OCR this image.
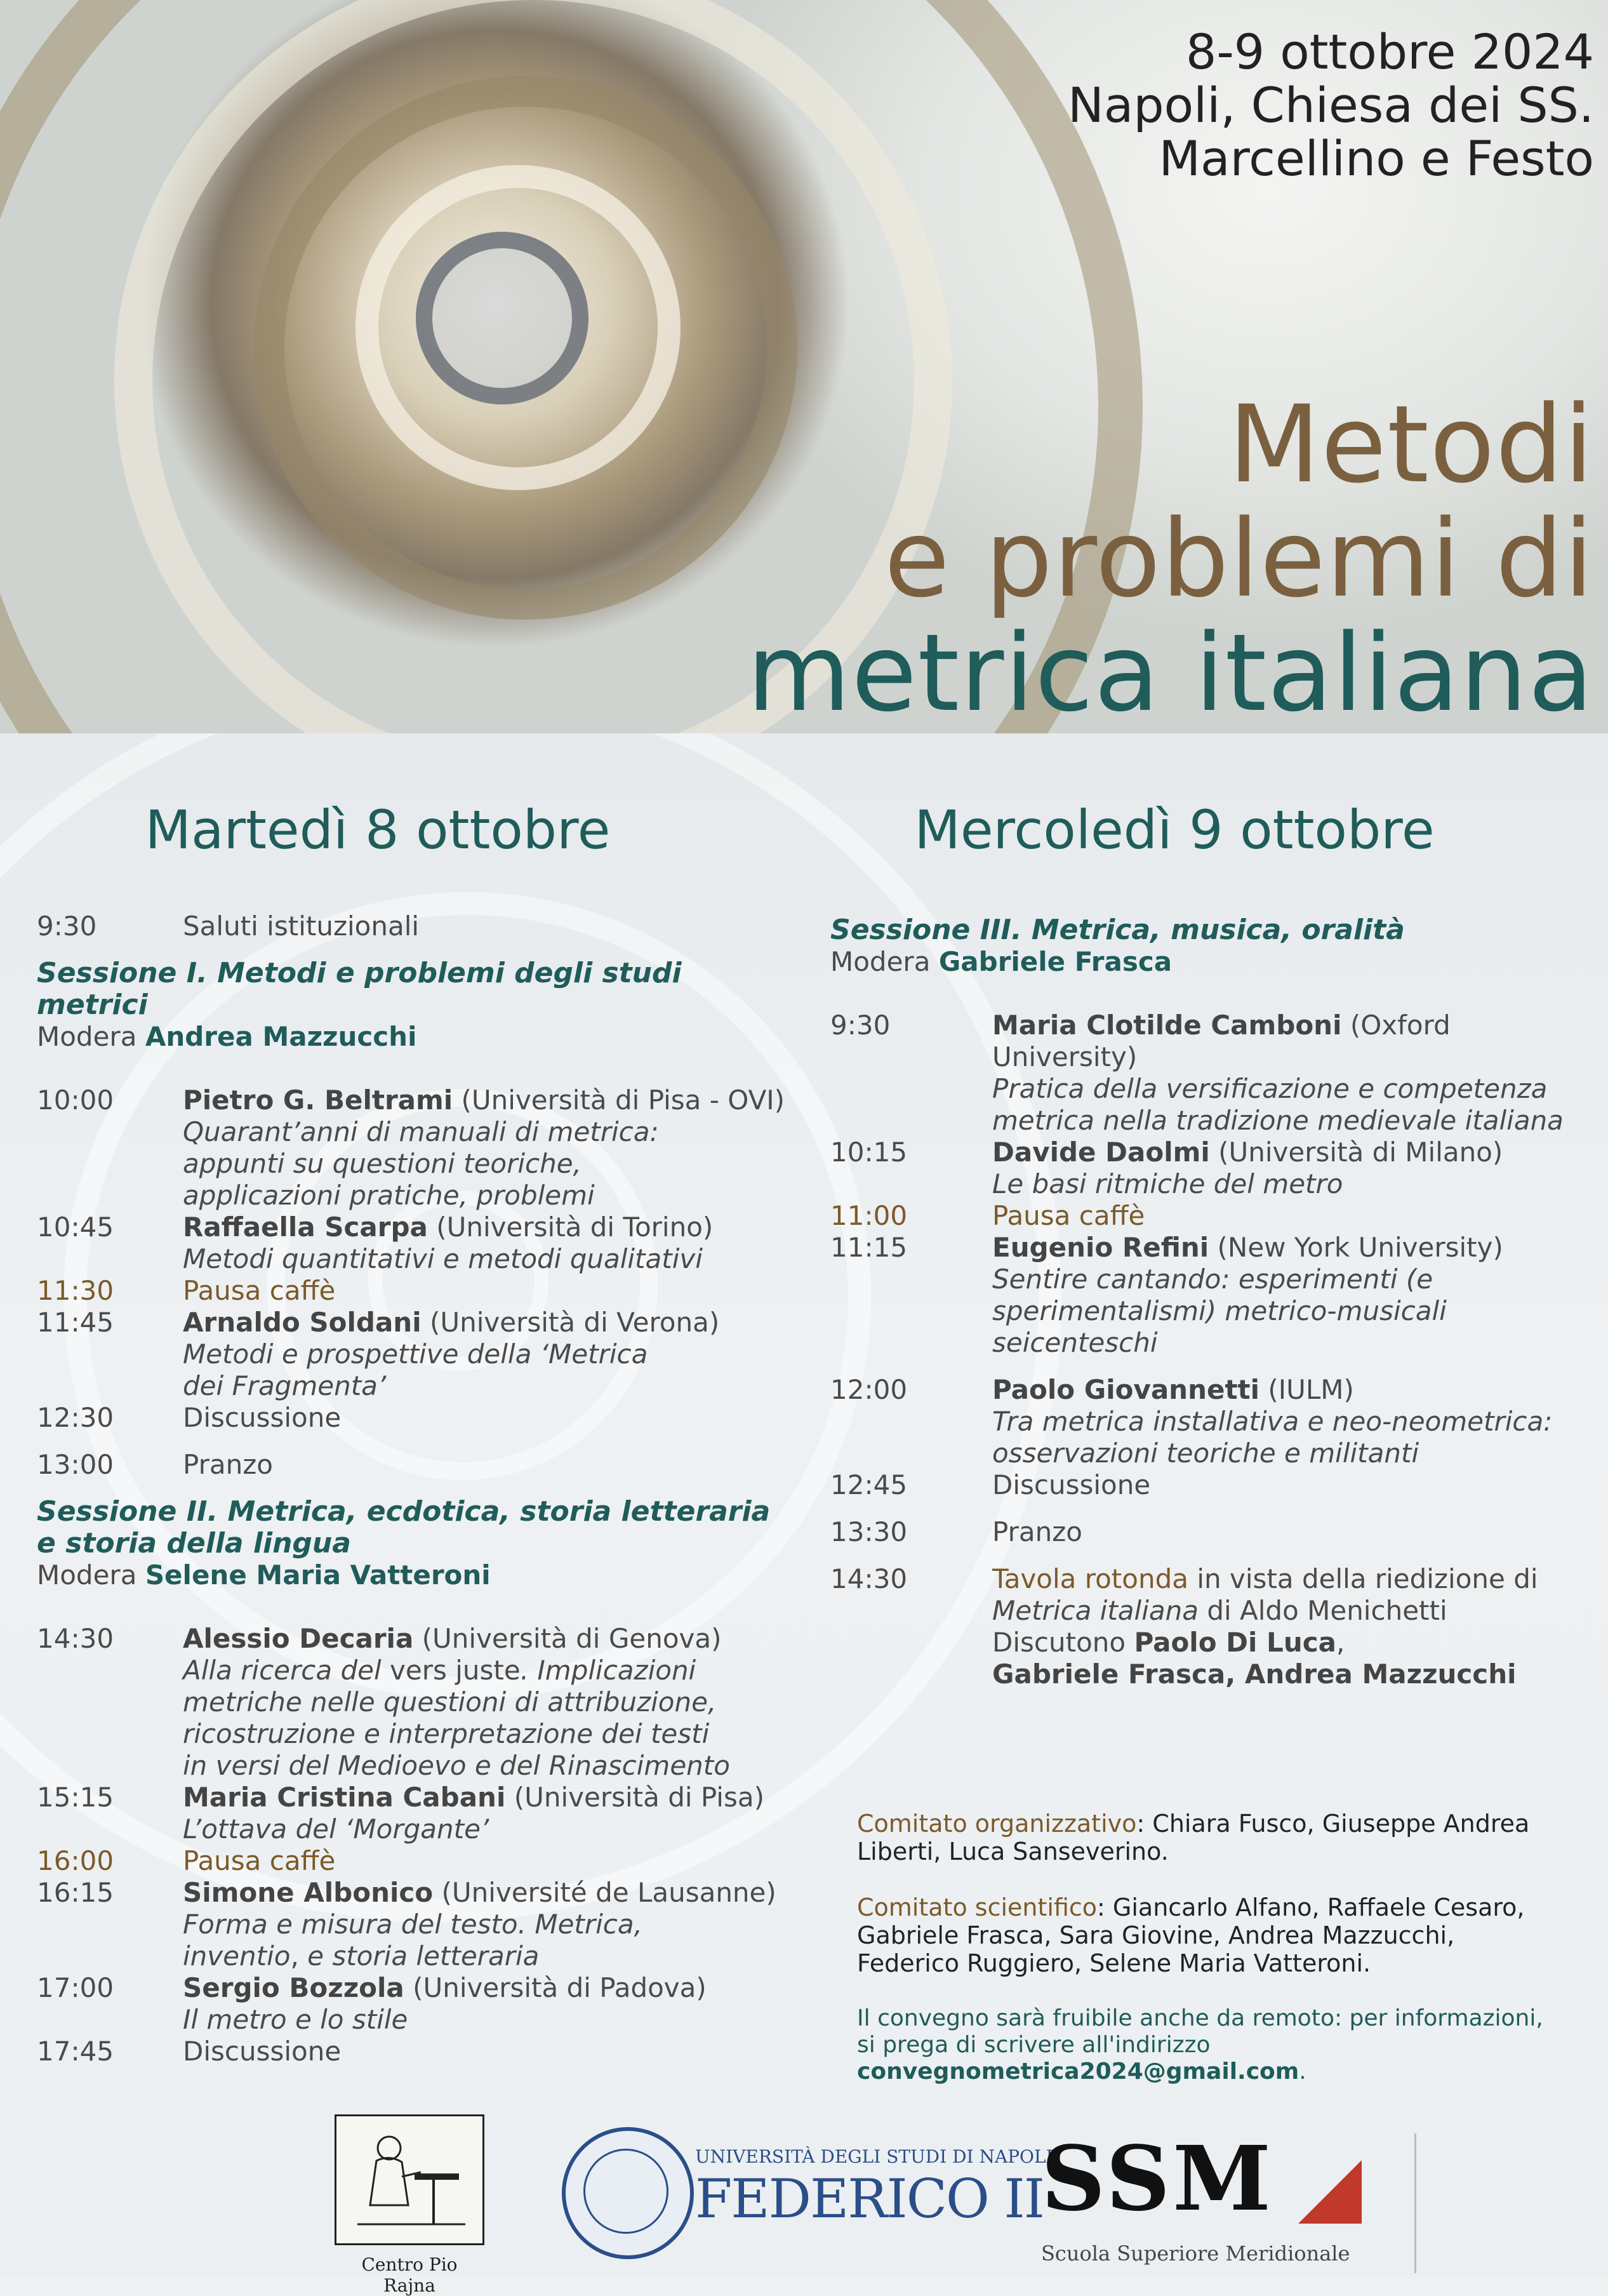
8-9 ottobre 2024
Napoli, Chiesa dei SS.
Marcellino e Festo
Metodi
e problemi di
metrica italiana
Martedì 8 ottobre	Mercoledì 9 ottobre
9:30	Saluti istituzionali
Sessione I. Metodi e problemi degli studi metrici
Modera Andrea Mazzucchi
10:00	Pietro G. Beltrami (Università di Pisa - OVI)
Quarant’anni di manuali di metrica: appunti su questioni teoriche, applicazioni pratiche, problemi
10:45	Raffaella Scarpa (Università di Torino)
Metodi quantitativi e metodi qualitativi
11:30	Pausa caffè
11:45	Arnaldo Soldani (Università di Verona)
Metodi e prospettive della ‘Metrica dei Fragmenta’
12:30	Discussione
13:00	Pranzo
Sessione II. Metrica, ecdotica, storia letteraria e storia della lingua
Modera Selene Maria Vatteroni
14:30	Alessio Decaria (Università di Genova)
Alla ricerca del vers juste. Implicazioni metriche nelle questioni di attribuzione, ricostruzione e interpretazione dei testi in versi del Medioevo e del Rinascimento
15:15	Maria Cristina Cabani (Università di Pisa)
L’ottava del ‘Morgante’
16:00	Pausa caffè
16:15	Simone Albonico (Université de Lausanne)
Forma e misura del testo. Metrica, inventio, e storia letteraria
17:00	Sergio Bozzola (Università di Padova)
Il metro e lo stile
17:45	Discussione
Sessione III. Metrica, musica, oralità
Modera Gabriele Frasca
9:30	Maria Clotilde Camboni (Oxford University)
Pratica della versificazione e competenza metrica nella tradizione medievale italiana
10:15	Davide Daolmi (Università di Milano)
Le basi ritmiche del metro
11:00	Pausa caffè
11:15	Eugenio Refini (New York University)
Sentire cantando: esperimenti (e sperimentalismi) metrico-musicali seicenteschi
12:00	Paolo Giovannetti (IULM)
Tra metrica installativa e neo-neometrica: osservazioni teoriche e militanti
12:45	Discussione
13:30	Pranzo
14:30	Tavola rotonda in vista della riedizione di Metrica italiana di Aldo Menichetti
Discutono Paolo Di Luca,
Gabriele Frasca, Andrea Mazzucchi

Comitato organizzativo: Chiara Fusco, Giuseppe Andrea Liberti, Luca Sanseverino.

Comitato scientifico: Giancarlo Alfano, Raffaele Cesaro, Gabriele Frasca, Sara Giovine, Andrea Mazzucchi, Federico Ruggiero, Selene Maria Vatteroni.

Il convegno sarà fruibile anche da remoto: per informazioni, si prega di scrivere all'indirizzo convegnometrica2024@gmail.com.

Centro Pio Rajna
UNIVERSITÀ DEGLI STUDI DI NAPOLI
FEDERICO II
SSM
Scuola Superiore Meridionale
